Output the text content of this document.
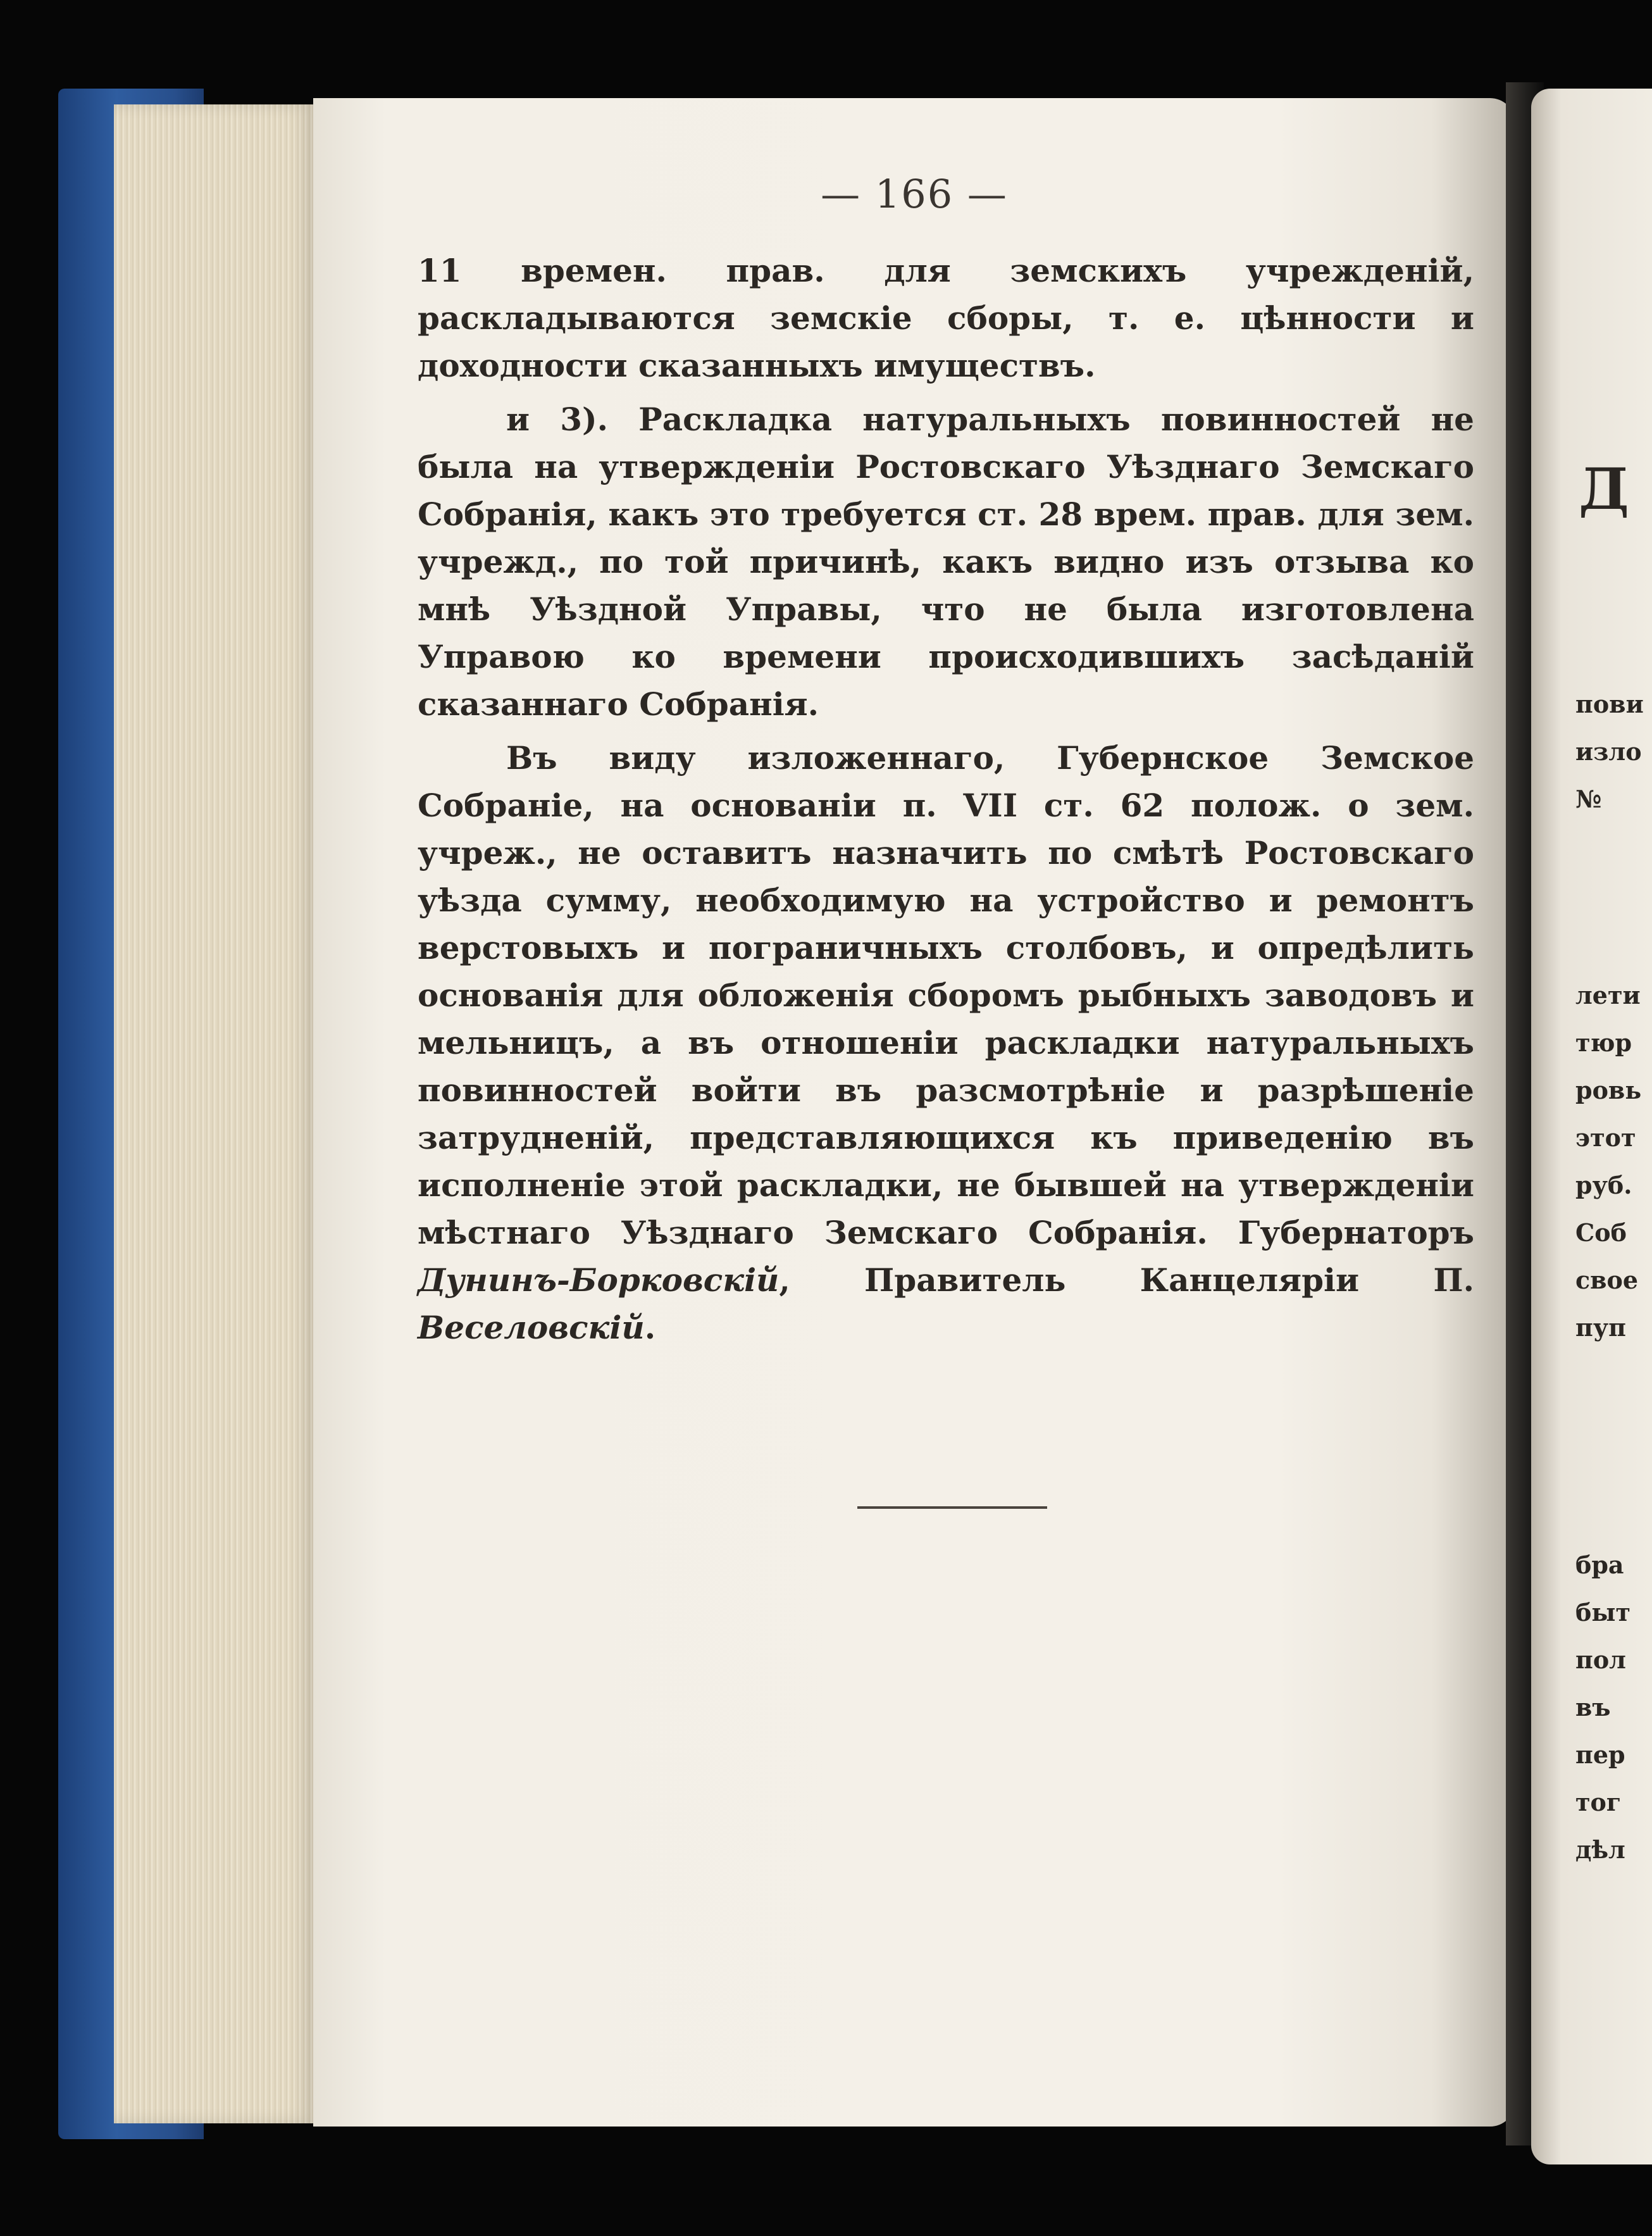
— 166 —

11 времен. прав. для земскихъ учрежденій, раскладываются земскіе сборы, т. е. цѣнности и доходности сказанныхъ имуществъ.

и 3). Раскладка натуральныхъ повинностей не была на утвержденіи Ростовскаго Уѣзднаго Земскаго Собранія, какъ это требуется ст. 28 врем. прав. для зем. учрежд., по той причинѣ, какъ видно изъ отзыва ко мнѣ Уѣздной Управы, что не была изготовлена Управою ко времени происходившихъ засѣданій сказаннаго Собранія.

Въ виду изложеннаго, Губернское Земское Собраніе, на основаніи п. VII ст. 62 полож. о зем. учреж., не оставитъ назначить по смѣтѣ Ростовскаго уѣзда сумму, необходимую на устройство и ремонтъ верстовыхъ и пограничныхъ столбовъ, и опредѣлить основанія для обложенія сборомъ рыбныхъ заводовъ и мельницъ, а въ отношеніи раскладки натуральныхъ повинностей войти въ разсмотрѣніе и разрѣшеніе затрудненій, представляющихся къ приведенію въ исполненіе этой раскладки, не бывшей на утвержденіи мѣстнаго Уѣзднаго Земскаго Собранія. Губернаторъ Дунинъ-Борковскій, Правитель Канцеляріи П. Веселовскій.

Д
пови
изло
№
лети
тюр
ровь
этот
руб.
Соб
свое
пуп
бра
быт
пол
въ
пер
тог
дѣл
